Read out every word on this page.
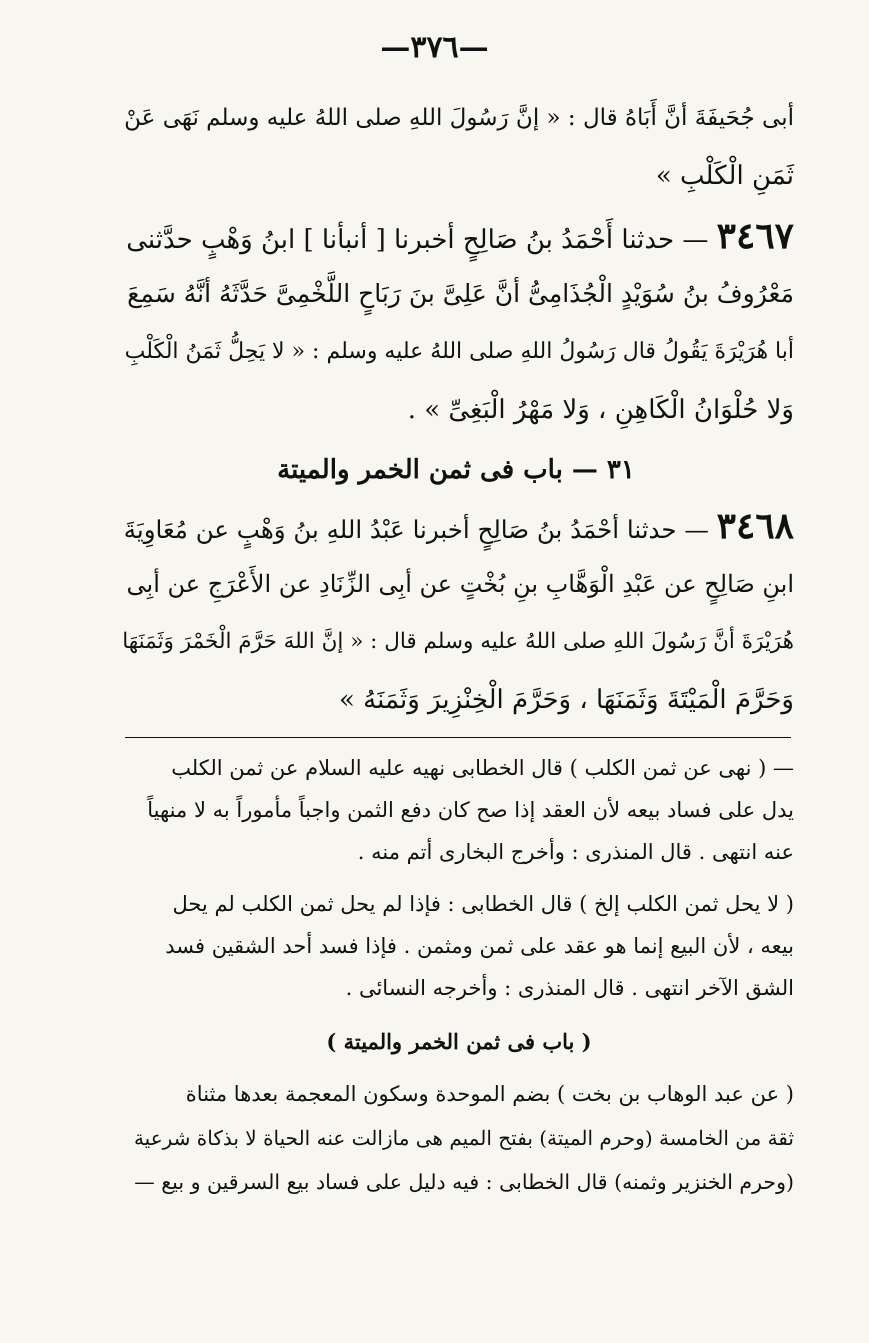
—٣٧٦—
أبى جُحَيفَةَ أنَّ أَبَاهُ قال : « إنَّ رَسُولَ اللهِ صلى اللهُ عليه وسلم نَهَى عَنْ
ثَمَنِ الْكَلْبِ »
٣٤٦٧ — حدثنا أَحْمَدُ بنُ صَالِحٍ أخبرنا [ أنبأنا ] ابنُ وَهْبٍ حدَّثنى
مَعْرُوفُ بنُ سُوَيْدٍ الْجُذَامِىُّ أنَّ عَلِىَّ بنَ رَبَاحٍ اللَّخْمِىَّ حَدَّثَهُ أنَّهُ سَمِعَ
أبا هُرَيْرَةَ يَقُولُ قال رَسُولُ اللهِ صلى اللهُ عليه وسلم : « لا يَحِلُّ ثَمَنُ الْكَلْبِ
وَلا حُلْوَانُ الْكَاهِنِ ، وَلا مَهْرُ الْبَغِىِّ » .
٣١ — باب فى ثمن الخمر والميتة
٣٤٦٨ — حدثنا أحْمَدُ بنُ صَالِحٍ أخبرنا عَبْدُ اللهِ بنُ وَهْبٍ عن مُعَاوِيَةَ
ابنِ صَالِحٍ عن عَبْدِ الْوَهَّابِ بنِ بُخْتٍ عن أبِى الزِّنَادِ عن الأَعْرَجِ عن أبِى
هُرَيْرَةَ أنَّ رَسُولَ اللهِ صلى اللهُ عليه وسلم قال : « إنَّ اللهَ حَرَّمَ الْخَمْرَ وَثَمَنَهَا
وَحَرَّمَ الْمَيْتَةَ وَثَمَنَهَا ، وَحَرَّمَ الْخِنْزِيرَ وَثَمَنَهُ »
— ( نهى عن ثمن الكلب ) قال الخطابى نهيه عليه السلام عن ثمن الكلب
يدل على فساد بيعه لأن العقد إذا صح كان دفع الثمن واجباً مأموراً به لا منهياً
عنه انتهى . قال المنذرى : وأخرج البخارى أتم منه .
( لا يحل ثمن الكلب إلخ ) قال الخطابى : فإذا لم يحل ثمن الكلب لم يحل
بيعه ، لأن البيع إنما هو عقد على ثمن ومثمن . فإذا فسد أحد الشقين فسد
الشق الآخر انتهى . قال المنذرى : وأخرجه النسائى .
( باب فى ثمن الخمر والميتة )
( عن عبد الوهاب بن بخت ) بضم الموحدة وسكون المعجمة بعدها مثناة
ثقة من الخامسة (وحرم الميتة) بفتح الميم هى مازالت عنه الحياة لا بذكاة شرعية
(وحرم الخنزير وثمنه) قال الخطابى : فيه دليل على فساد بيع السرقين و بيع —
